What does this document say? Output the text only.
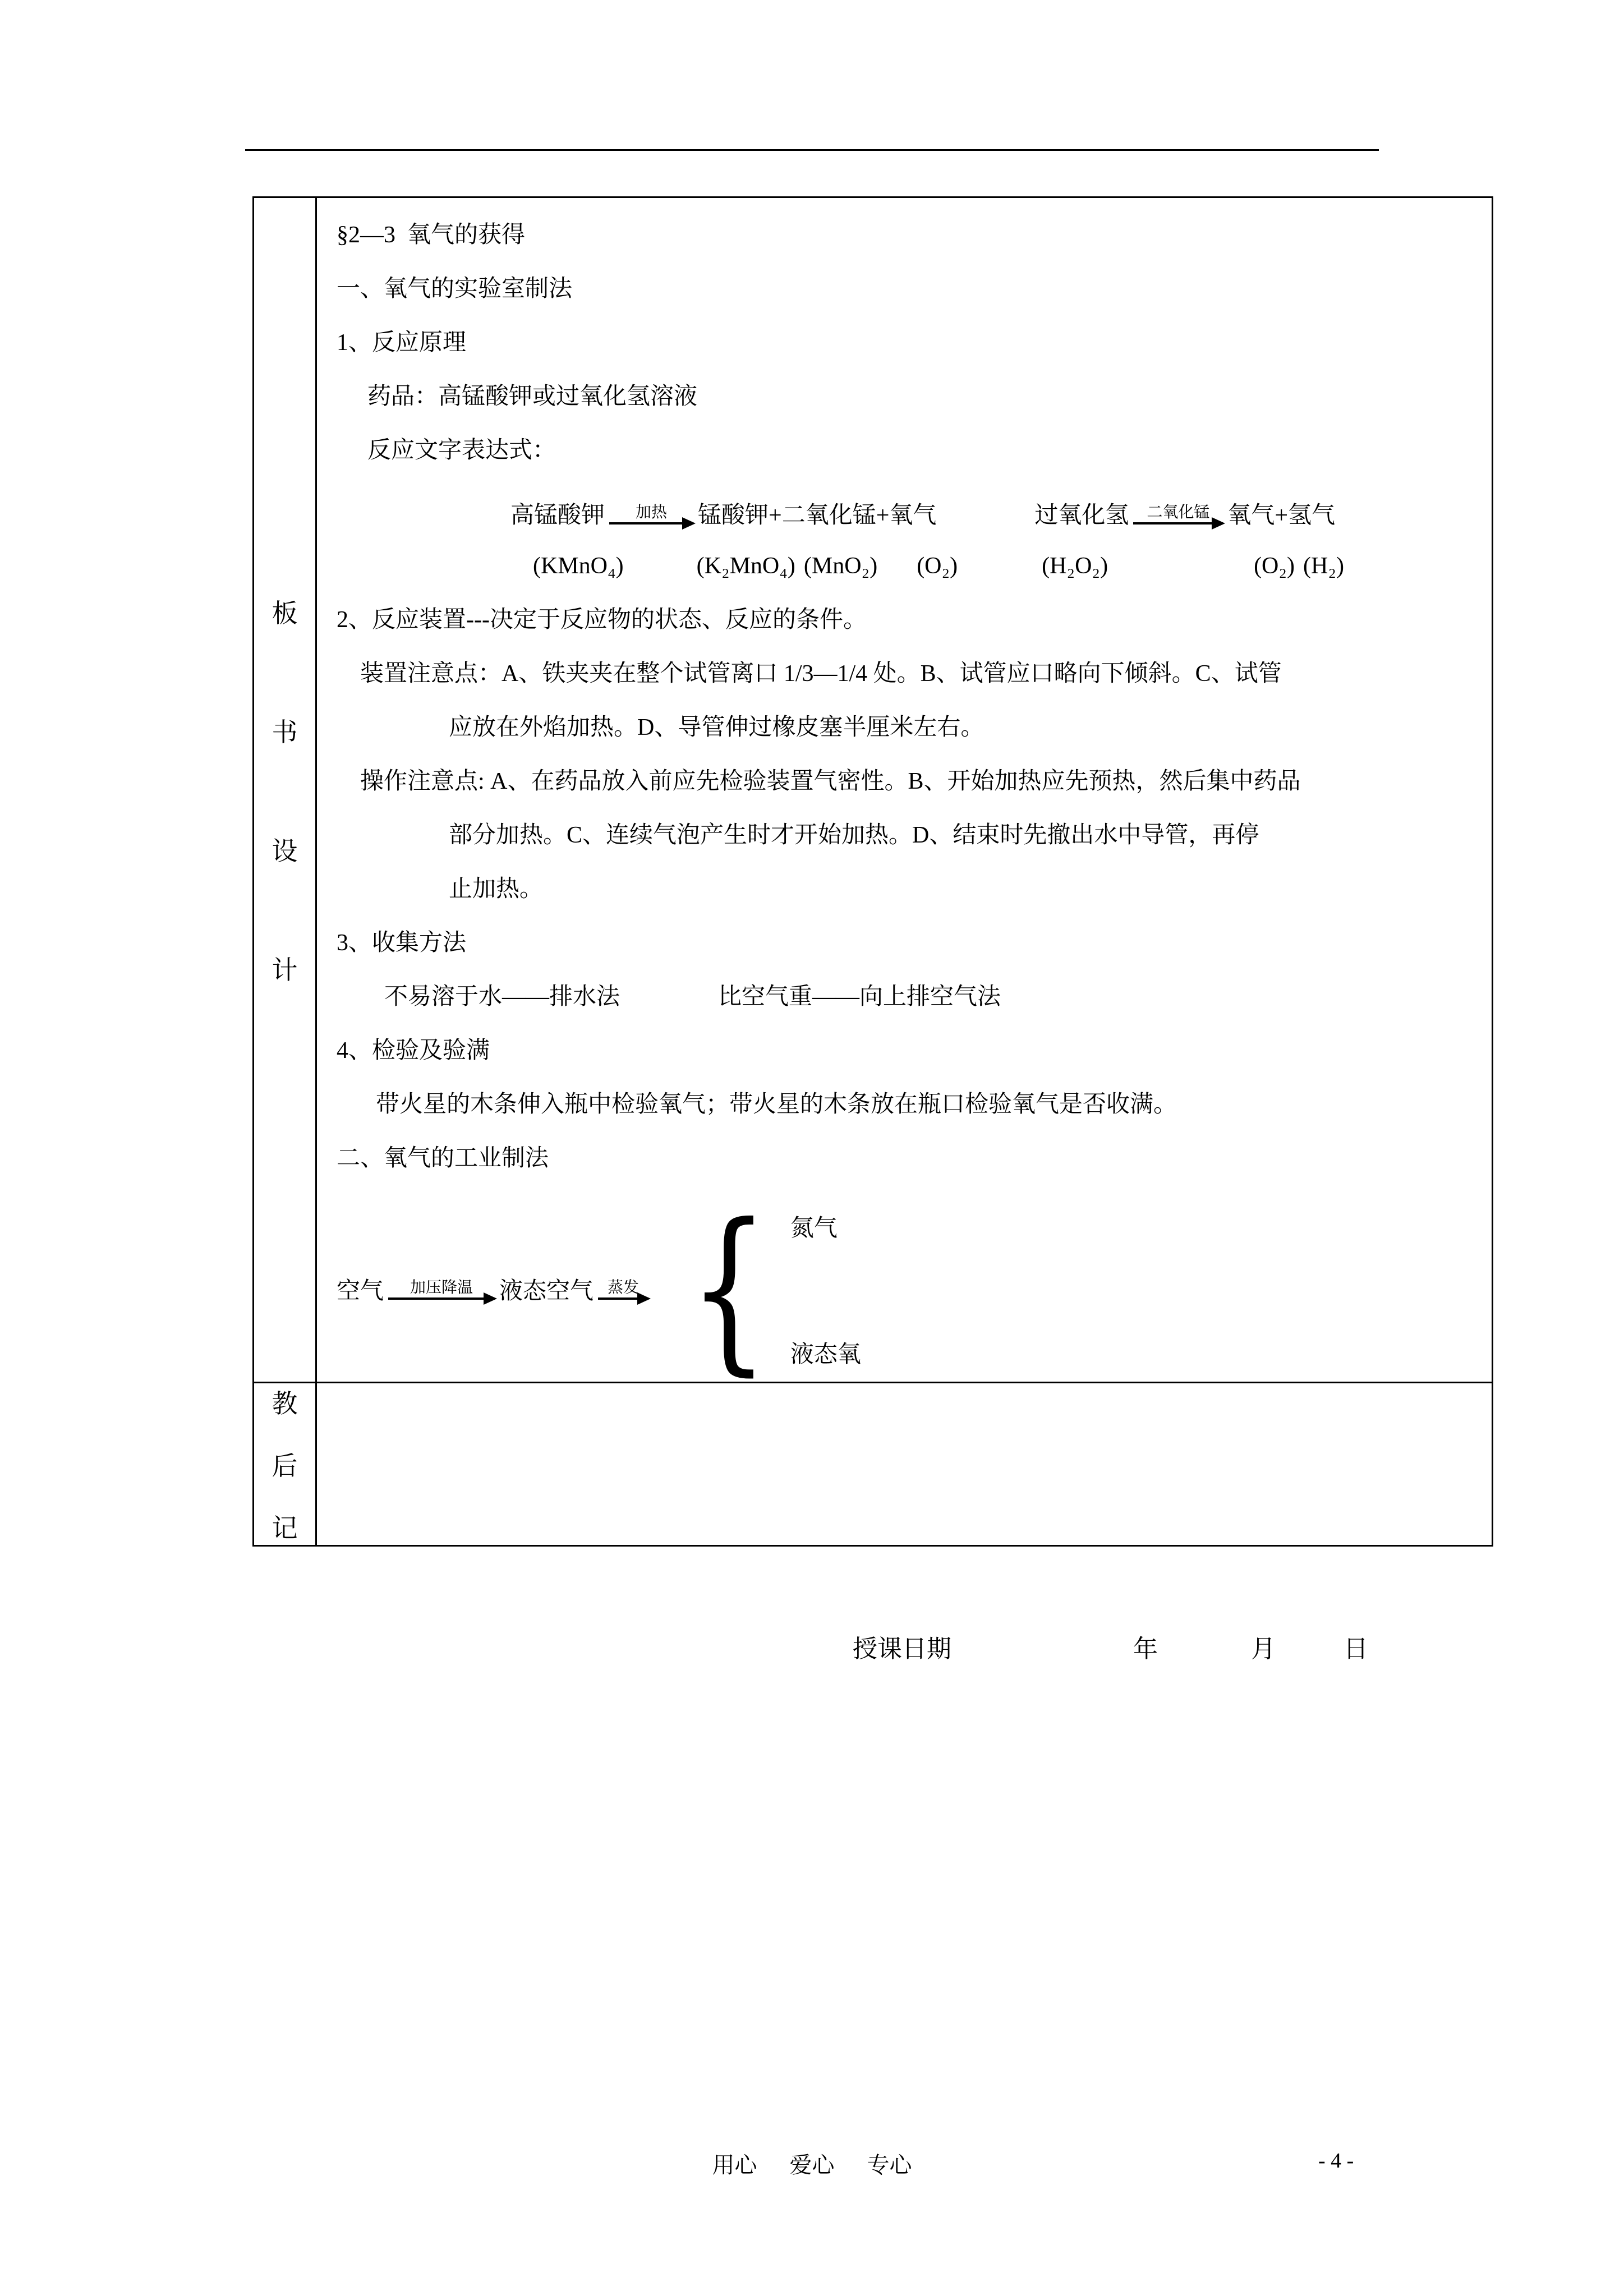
板
书
设
计
§2—3  氧气的获得
一、氧气的实验室制法
1、反应原理
药品：高锰酸钾或过氧化氢溶液
反应文字表达式：
高锰酸钾 加热 锰酸钾+二氧化锰+氧气	过氧化氢 二氧化锰 氧气+氢气
(KMnO₄)	(K₂MnO₄) (MnO₂) (O₂)	(H₂O₂)	(O₂) (H₂)
2、反应装置---决定于反应物的状态、反应的条件。
装置注意点：A、铁夹夹在整个试管离口 1/3—1/4 处。B、试管应口略向下倾斜。C、试管
应放在外焰加热。D、导管伸过橡皮塞半厘米左右。
操作注意点: A、在药品放入前应先检验装置气密性。B、开始加热应先预热，然后集中药品
部分加热。C、连续气泡产生时才开始加热。D、结束时先撤出水中导管，再停
止加热。
3、收集方法
不易溶于水——排水法	比空气重——向上排空气法
4、检验及验满
带火星的木条伸入瓶中检验氧气；带火星的木条放在瓶口检验氧气是否收满。
二、氧气的工业制法
空气 加压降温 液态空气 蒸发 { 氮气
液态氧
教
后
记
授课日期	年	月	日
用心 爱心 专心	- 4 -
